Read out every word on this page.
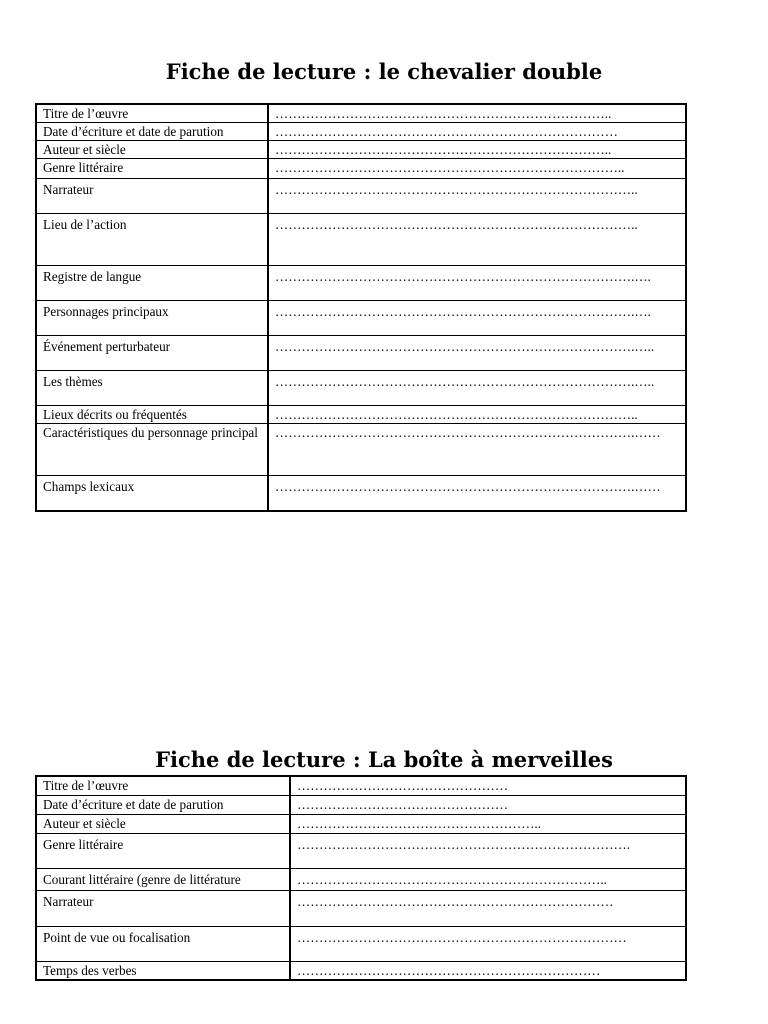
Fiche de lecture : le chevalier double
Titre de l’œuvre	…………………………………………………………………..
Date d’écriture et date de parution	……………………………………………………………………
Auteur et siècle	…………………………………………………………………..
Genre littéraire	……………………………………………………………………..
Narrateur	……………………………………………………………………….​.
Lieu de l’action	……………………………………………………………………….​.
Registre de langue	……………………………………………………………………….​….
Personnages principaux	……………………………………………………………………….​….
Événement perturbateur	……………………………………………………………………….​…..
Les thèmes	……………………………………………………………………….​…..
Lieux décrits ou fréquentés	………………………………………………………………………..
Caractéristiques du personnage principal	……………………………………………………………………….​……
Champs lexicaux	……………………………………………………………………….​……
Fiche de lecture : La boîte à merveilles
Titre de l’œuvre	…………………………………………
Date d’écriture et date de parution	…………………………………………
Auteur et siècle	………………………………………………..
Genre littéraire	……………………………………………………………​…….
Courant littéraire (genre de littérature	……………………………………………………………..
Narrateur	……………………………………………………………​…
Point de vue ou focalisation	……………………………………………………………​……
Temps des verbes	……………………………………………………………
